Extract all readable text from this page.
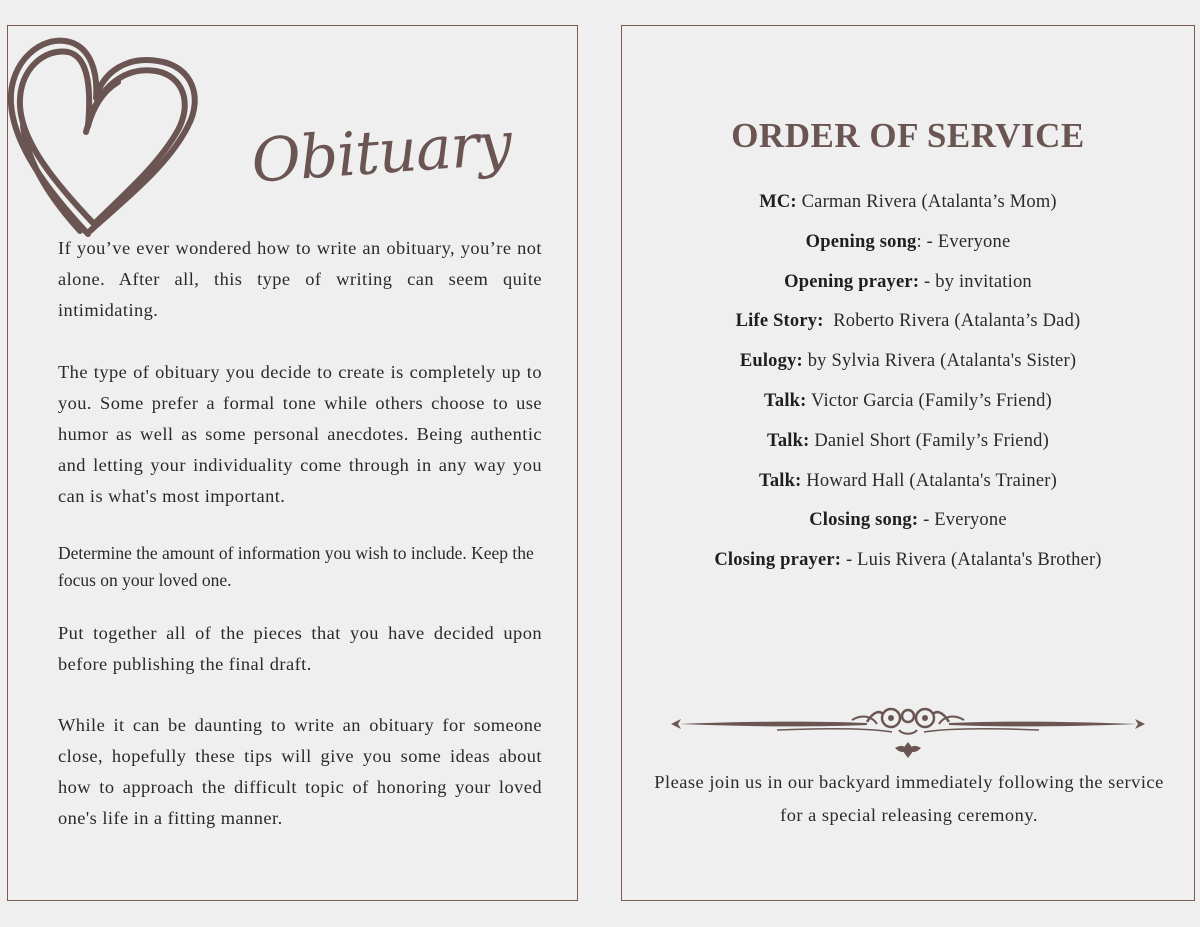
Obituary

If you’ve ever wondered how to write an obituary, you’re not alone. After all, this type of writing can seem quite intimidating.

The type of obituary you decide to create is completely up to you. Some prefer a formal tone while others choose to use humor as well as some personal anecdotes. Being authentic and letting your individuality come through in any way you can is what's most important.

Determine the amount of information you wish to include. Keep the focus on your loved one.

Put together all of the pieces that you have decided upon before publishing the final draft.

While it can be daunting to write an obituary for someone close, hopefully these tips will give you some ideas about how to approach the difficult topic of honoring your loved one's life in a fitting manner.

ORDER OF SERVICE
MC: Carman Rivera (Atalanta’s Mom)
Opening song: - Everyone
Opening prayer: - by invitation
Life Story:  Roberto Rivera (Atalanta’s Dad)
Eulogy: by Sylvia Rivera (Atalanta's Sister)
Talk: Victor Garcia (Family’s Friend)
Talk: Daniel Short (Family’s Friend)
Talk: Howard Hall (Atalanta's Trainer)
Closing song: - Everyone
Closing prayer: - Luis Rivera (Atalanta's Brother)

Please join us in our backyard immediately following the service for a special releasing ceremony.
